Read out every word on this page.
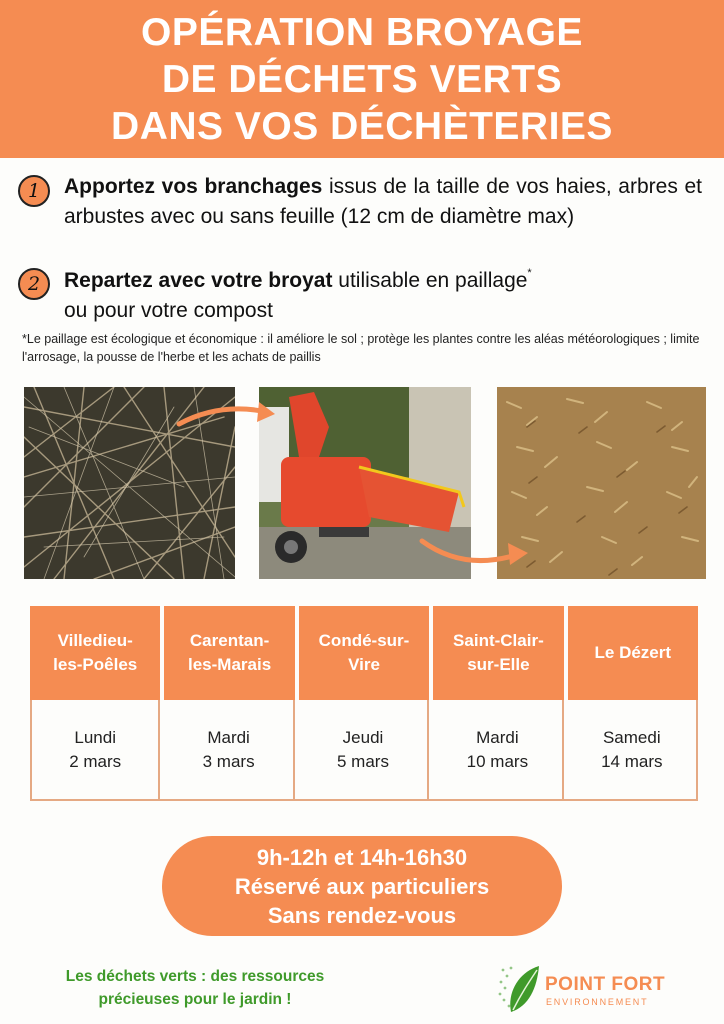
OPÉRATION BROYAGE
DE DÉCHETS VERTS
DANS VOS DÉCHÈTERIES
1	Apportez vos branchages issus de la taille de vos haies, arbres et arbustes avec ou sans feuille (12 cm de diamètre max)
2	Repartez avec votre broyat utilisable en paillage*
ou pour votre compost
*Le paillage est écologique et économique : il améliore le sol ; protège les plantes contre les aléas météorologiques ; limite l'arrosage, la pousse de l'herbe et les achats de paillis
Villedieu-
les-Poêles
Lundi
2 mars
Carentan-
les-Marais
Mardi
3 mars
Condé-sur-
Vire
Jeudi
5 mars
Saint-Clair-
sur-Elle
Mardi
10 mars
Le Dézert
Samedi
14 mars
9h-12h et 14h-16h30
Réservé aux particuliers
Sans rendez-vous
Les déchets verts : des ressources
précieuses pour le jardin !
POINT FORT
ENVIRONNEMENT
